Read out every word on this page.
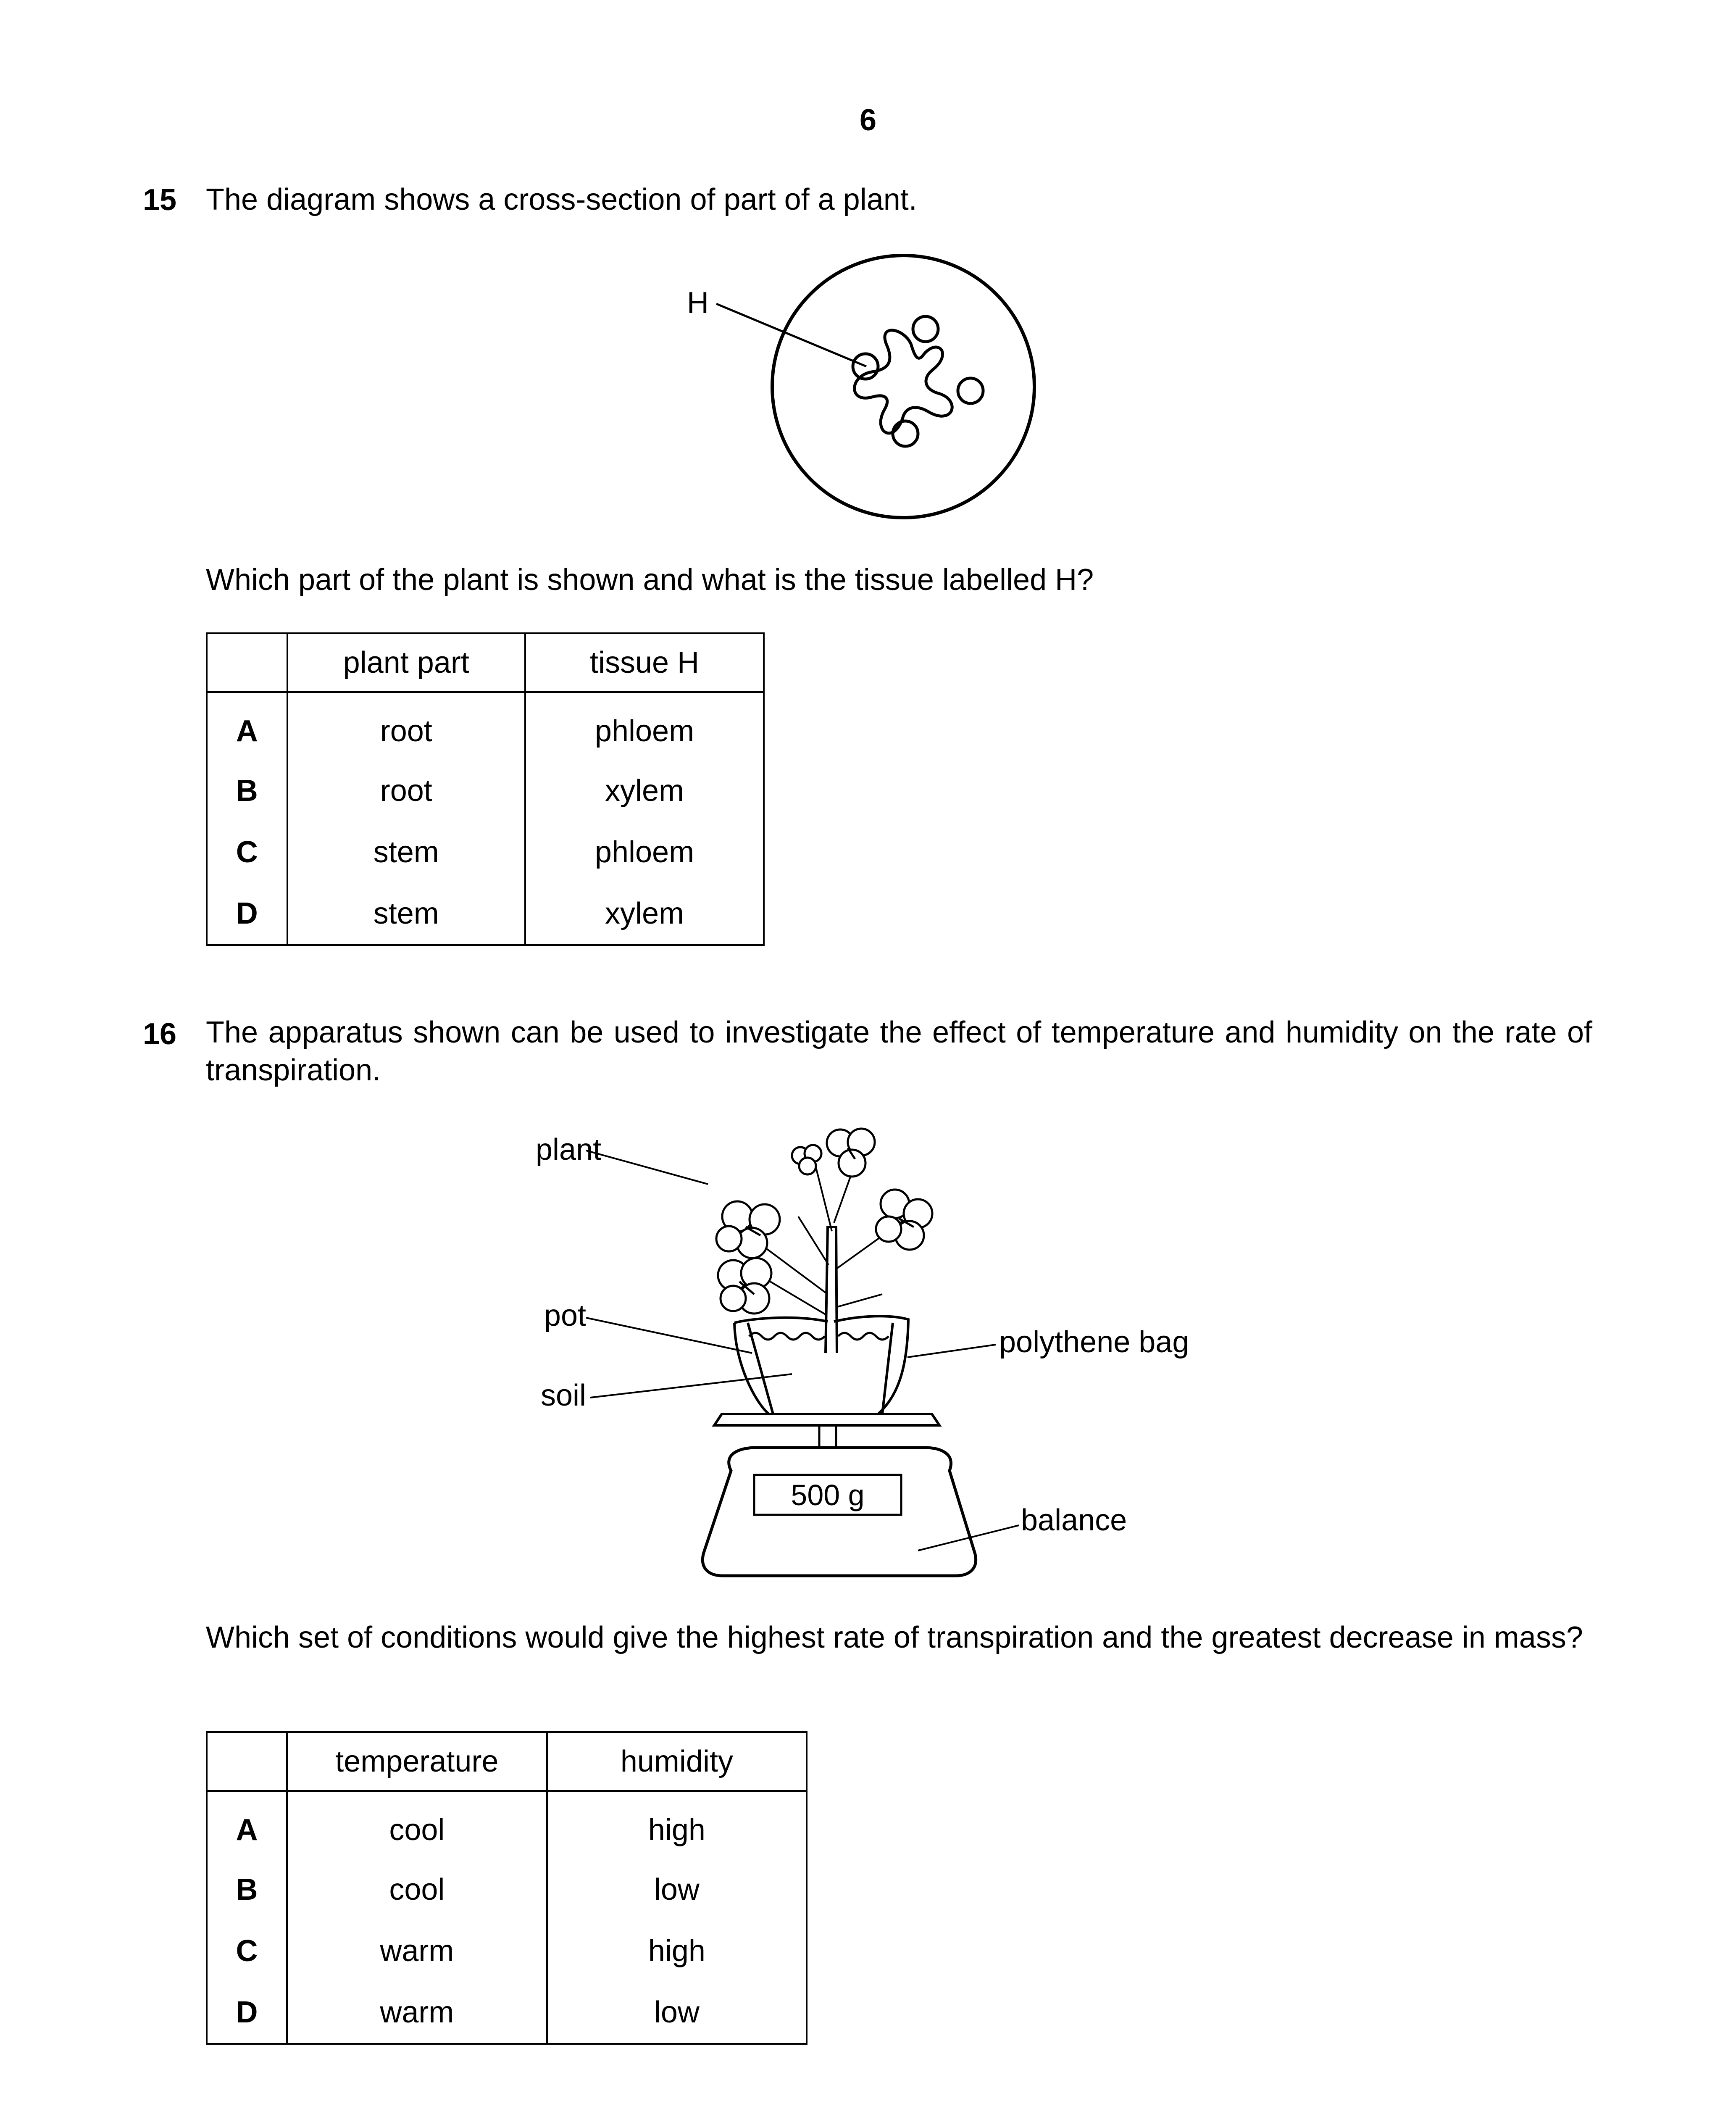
6
15 The diagram shows a cross-section of part of a plant.
H
Which part of the plant is shown and what is the tissue labelled H?
	plant part	tissue H
A	root	phloem
B	root	xylem
C	stem	phloem
D	stem	xylem
16 The apparatus shown can be used to investigate the effect of temperature and humidity on the rate of transpiration.
500 g
plant
pot
soil
polythene bag
balance
Which set of conditions would give the highest rate of transpiration and the greatest decrease in mass?
	temperature	humidity
A	cool	high
B	cool	low
C	warm	high
D	warm	low
